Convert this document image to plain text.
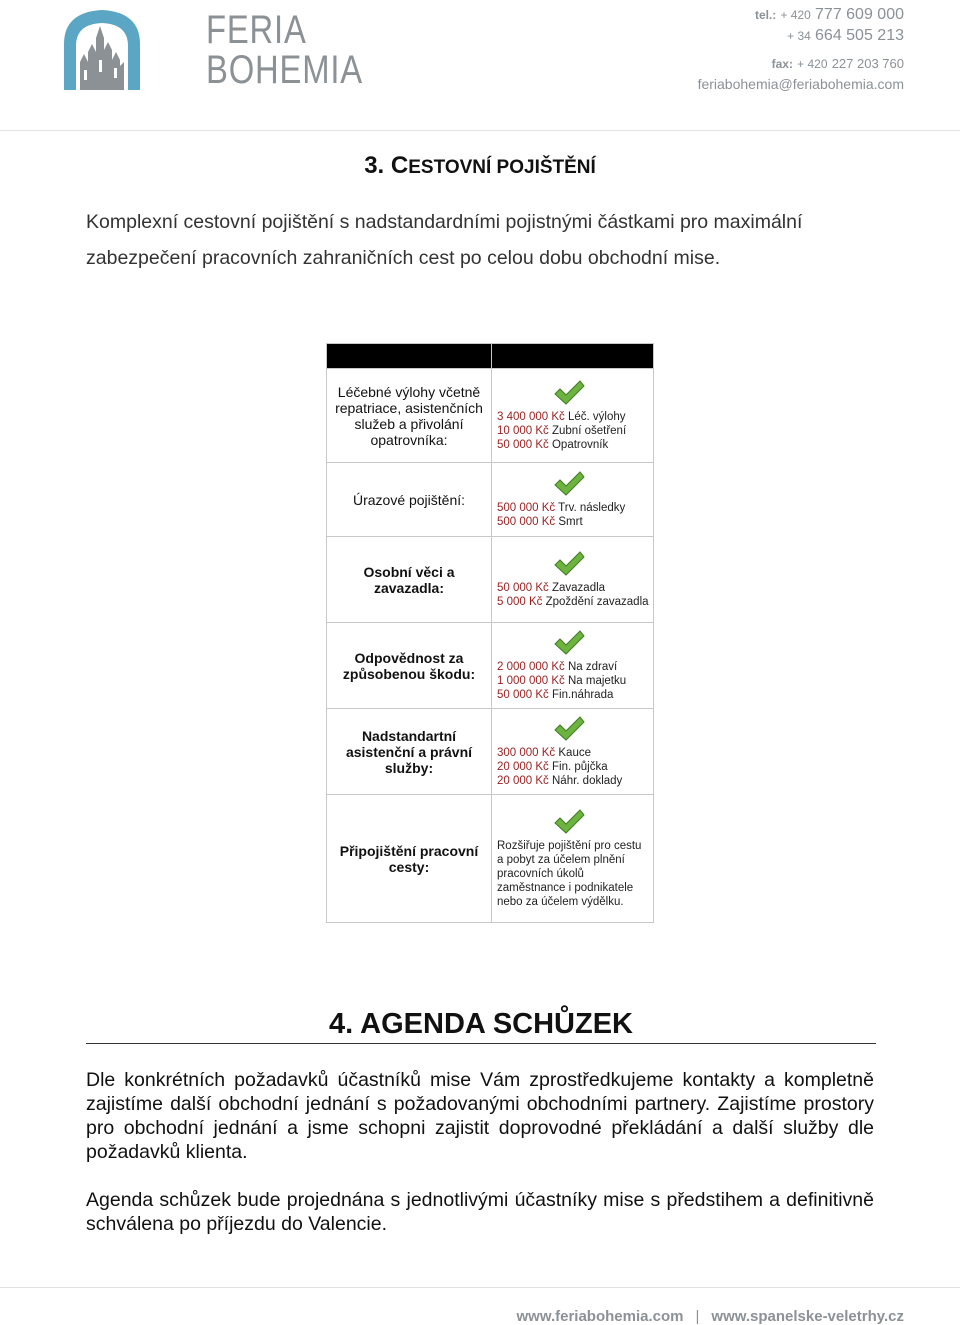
FERIA
BOHEMIA
tel.: + 420 777 609 000
+ 34 664 505 213
fax: + 420 227 203 760
feriabohemia@feriabohemia.com
3. CESTOVNÍ POJIŠTĚNÍ
Komplexní cestovní pojištění s nadstandardními pojistnými částkami pro maximální zabezpečení pracovních zahraničních cest po celou dobu obchodní mise.

Léčebné výlohy včetně repatriace, asistenčních služeb a přivolání opatrovníka:	3 400 000 Kč Léč. výlohy
10 000 Kč Zubní ošetření
50 000 Kč Opatrovník

Úrazové pojištění:	500 000 Kč Trv. následky
500 000 Kč Smrt

Osobní věci a zavazadla:	50 000 Kč Zavazadla
5 000 Kč Zpoždění zavazadla

Odpovědnost za způsobenou škodu:	2 000 000 Kč Na zdraví
1 000 000 Kč Na majetku
50 000 Kč Fin.náhrada

Nadstandartní asistenční a právní služby:	300 000 Kč Kauce
20 000 Kč Fin. půjčka
20 000 Kč Náhr. doklady

Připojištění pracovní cesty:	Rozšiřuje pojištění pro cestu a pobyt za účelem plnění pracovních úkolů zaměstnance i podnikatele nebo za účelem výdělku.
4. AGENDA SCHŮZEK
Dle konkrétních požadavků účastníků mise Vám zprostředkujeme kontakty a kompletně zajistíme další obchodní jednání s požadovanými obchodními partnery. Zajistíme prostory pro obchodní jednání a jsme schopni zajistit doprovodné překládání a další služby dle požadavků klienta.
Agenda schůzek bude projednána s jednotlivými účastníky mise s předstihem a definitivně schválena po příjezdu do Valencie.
www.feriabohemia.com | www.spanelske-veletrhy.cz
